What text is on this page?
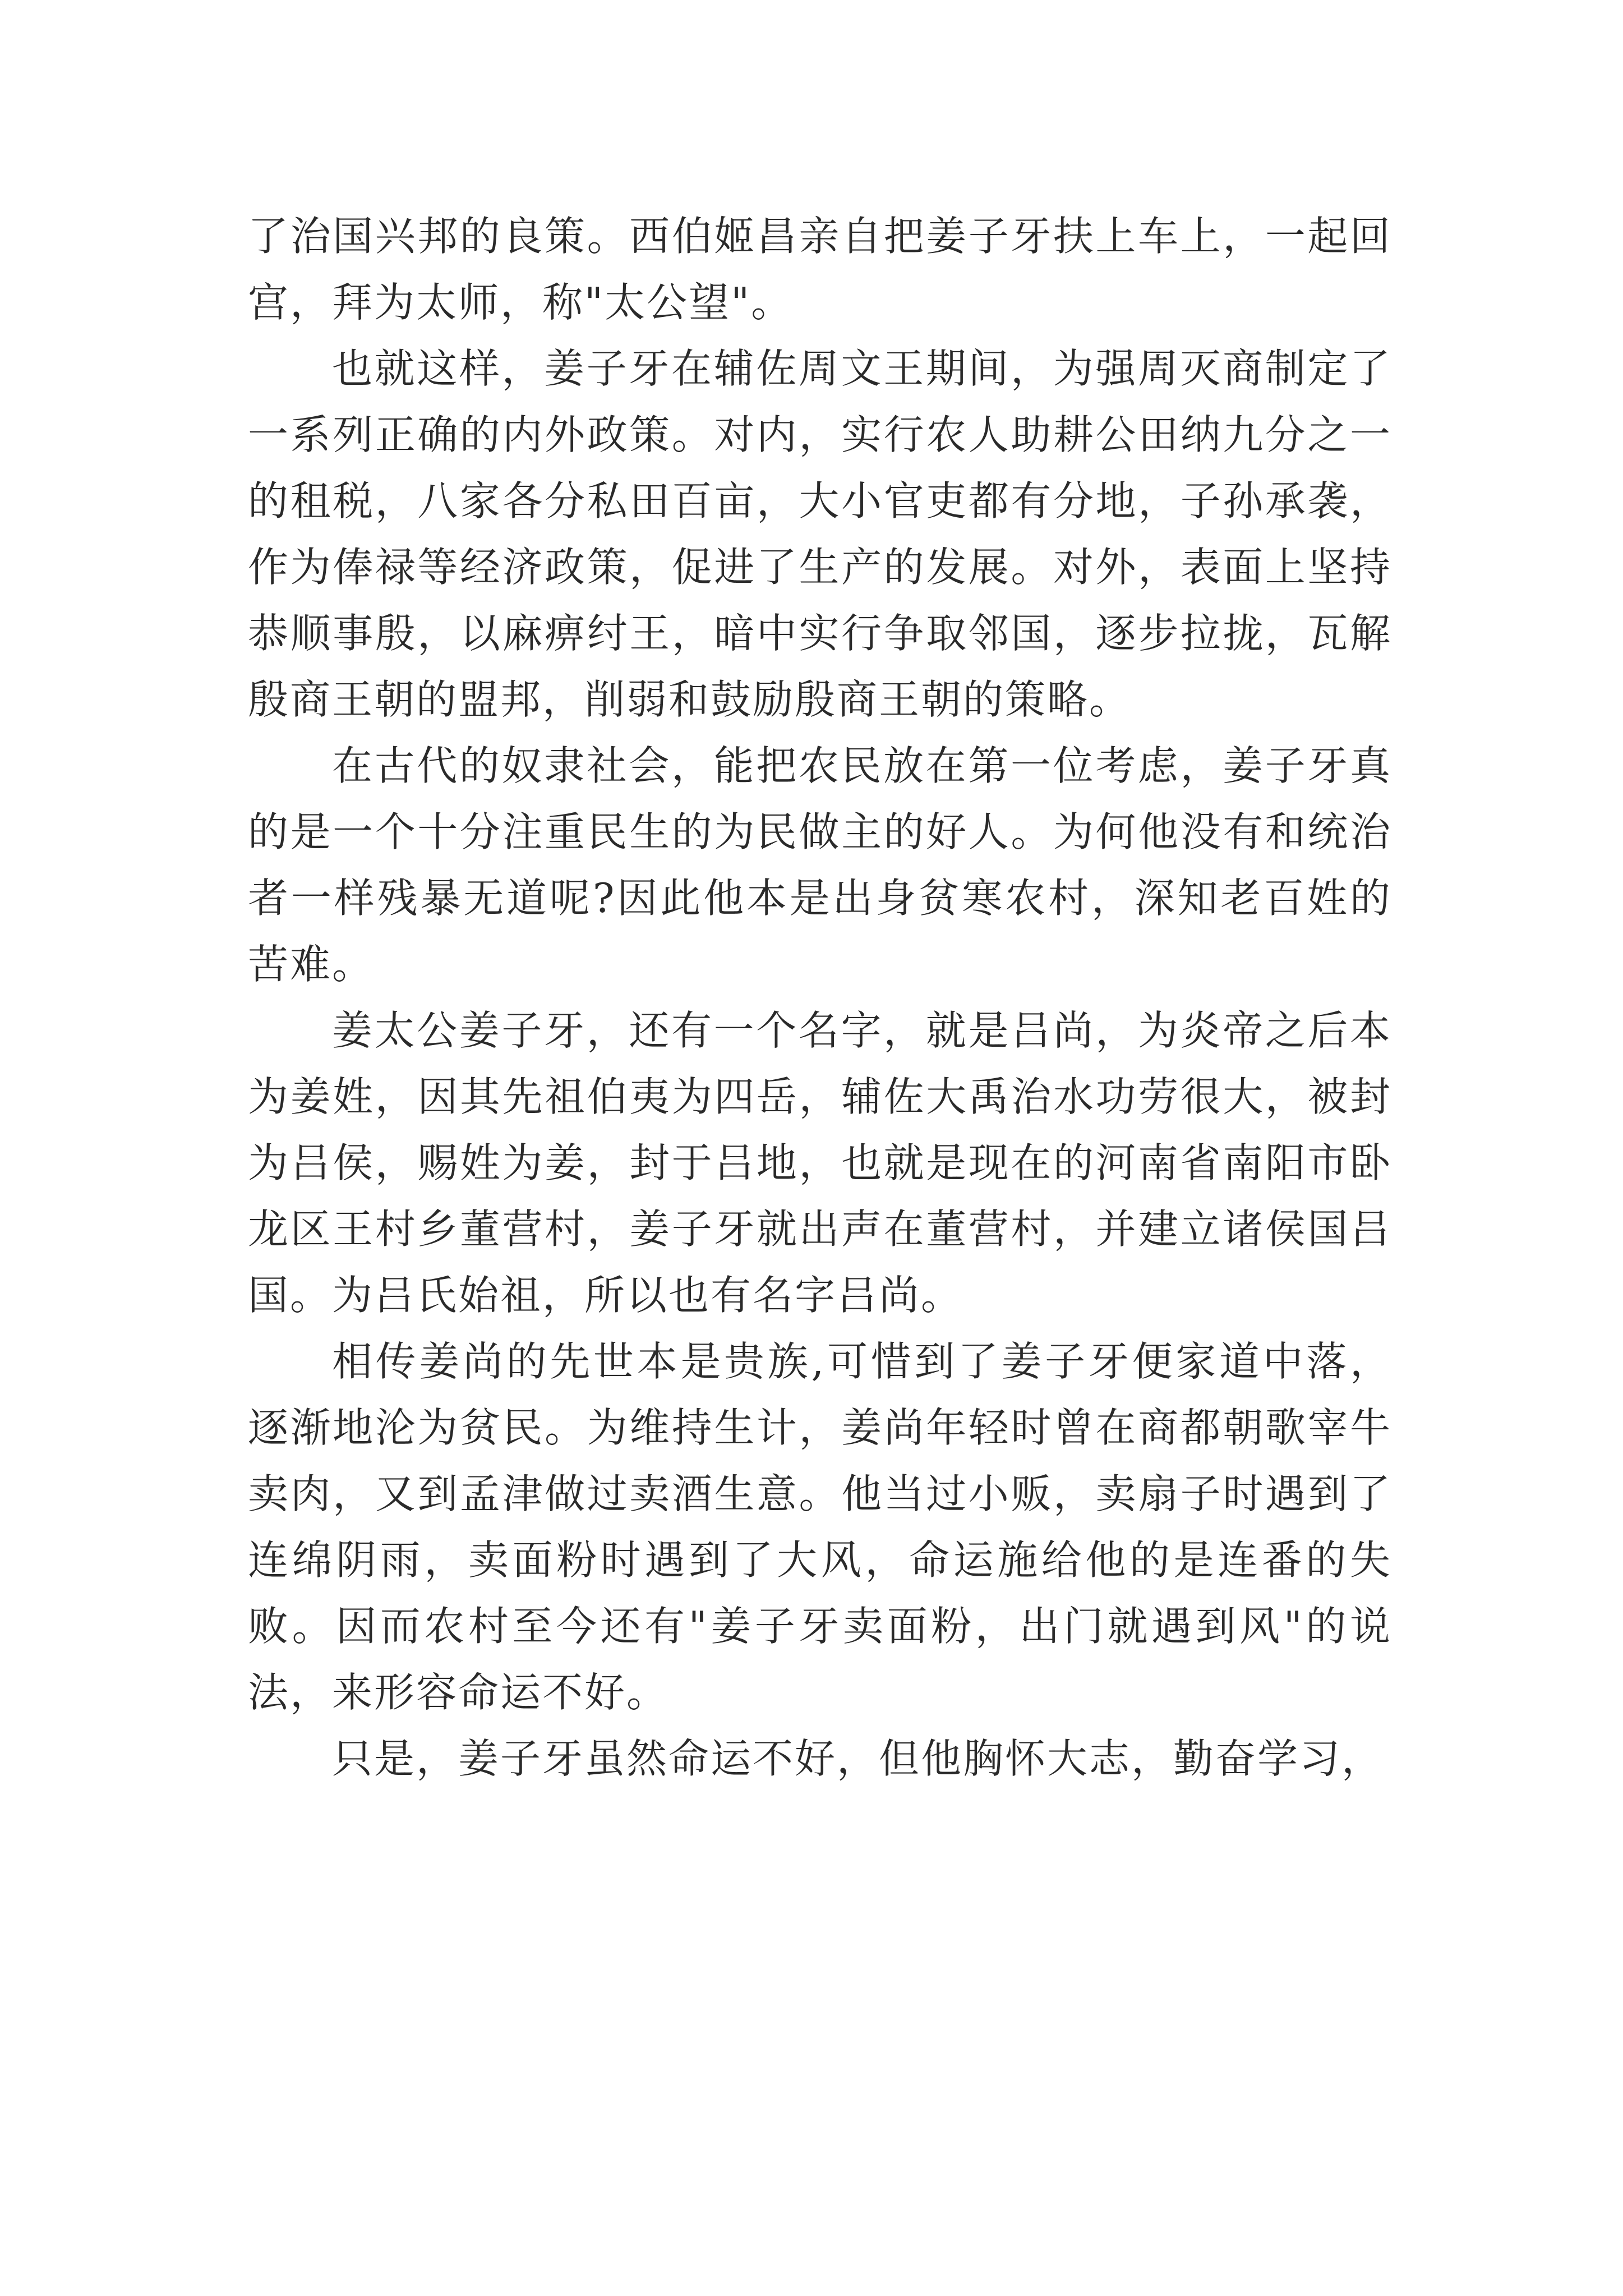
了治国兴邦的良策。西伯姬昌亲自把姜子牙扶上车上，一起回宫，拜为太师，称"太公望"。

也就这样，姜子牙在辅佐周文王期间，为强周灭商制定了一系列正确的内外政策。对内，实行农人助耕公田纳九分之一的租税，八家各分私田百亩，大小官吏都有分地，子孙承袭，作为俸禄等经济政策，促进了生产的发展。对外，表面上坚持恭顺事殷，以麻痹纣王，暗中实行争取邻国，逐步拉拢，瓦解殷商王朝的盟邦，削弱和鼓励殷商王朝的策略。

在古代的奴隶社会，能把农民放在第一位考虑，姜子牙真的是一个十分注重民生的为民做主的好人。为何他没有和统治者一样残暴无道呢?因此他本是出身贫寒农村，深知老百姓的苦难。

姜太公姜子牙，还有一个名字，就是吕尚，为炎帝之后本为姜姓，因其先祖伯夷为四岳，辅佐大禹治水功劳很大，被封为吕侯，赐姓为姜，封于吕地，也就是现在的河南省南阳市卧龙区王村乡董营村，姜子牙就出声在董营村，并建立诸侯国吕国。为吕氏始祖，所以也有名字吕尚。

相传姜尚的先世本是贵族,可惜到了姜子牙便家道中落，逐渐地沦为贫民。为维持生计，姜尚年轻时曾在商都朝歌宰牛卖肉，又到孟津做过卖酒生意。他当过小贩，卖扇子时遇到了连绵阴雨，卖面粉时遇到了大风，命运施给他的是连番的失败。因而农村至今还有"姜子牙卖面粉，出门就遇到风"的说法，来形容命运不好。

只是，姜子牙虽然命运不好，但他胸怀大志，勤奋学习，
